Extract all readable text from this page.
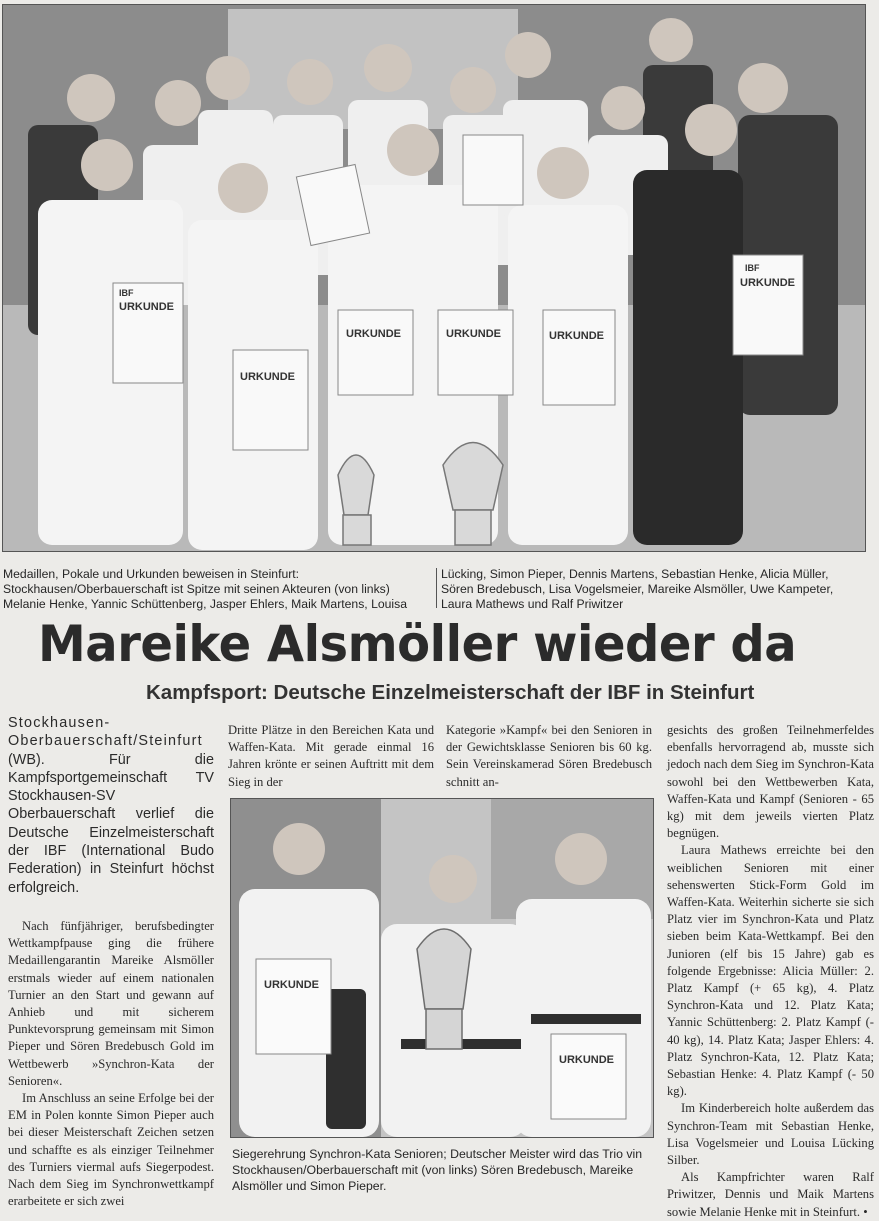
URKUNDE
URKUNDE
URKUNDE	URKUNDE	URKUNDE
URKUNDE
IBF
IBF

Medaillen, Pokale und Urkunden beweisen in Steinfurt: Stockhausen/Oberbauerschaft ist Spitze mit seinen Akteuren (von links) Melanie Henke, Yannic Schüttenberg, Jasper Ehlers, Maik Martens, Louisa

Lücking, Simon Pieper, Dennis Martens, Sebastian Henke, Alicia Müller, Sören Bredebusch, Lisa Vogelsmeier, Mareike Alsmöller, Uwe Kampeter, Laura Mathews und Ralf Priwitzer

Mareike Alsmöller wieder da
Kampfsport: Deutsche Einzelmeisterschaft der IBF in Steinfurt
Stockhausen-Oberbauerschaft/Steinfurt (WB). Für die Kampfsportgemeinschaft TV Stockhausen-SV Oberbauerschaft verlief die Deutsche Einzelmeisterschaft der IBF (International Budo Federation) in Steinfurt höchst erfolgreich.

Nach fünfjähriger, berufsbedingter Wettkampfpause ging die frühere Medaillengarantin Mareike Alsmöller erstmals wieder auf einem nationalen Turnier an den Start und gewann auf Anhieb und mit sicherem Punktevorsprung gemeinsam mit Simon Pieper und Sören Bredebusch Gold im Wettbewerb »Synchron-Kata der Senioren«.

Im Anschluss an seine Erfolge bei der EM in Polen konnte Simon Pieper auch bei dieser Meisterschaft Zeichen setzen und schaffte es als einziger Teilnehmer des Turniers viermal aufs Siegerpodest. Nach dem Sieg im Synchronwettkampf erarbeitete er sich zwei

Dritte Plätze in den Bereichen Kata und Waffen-Kata. Mit gerade einmal 16 Jahren krönte er seinen Auftritt mit dem Sieg in der

Kategorie »Kampf« bei den Senioren in der Gewichtsklasse Senioren bis 60 kg. Sein Vereinskamerad Sören Bredebusch schnitt an-

URKUNDE
URKUNDE

Siegerehrung Synchron-Kata Senioren; Deutscher Meister wird das Trio vin Stockhausen/Oberbauerschaft mit (von links) Sören Bredebusch, Mareike Alsmöller und Simon Pieper.

gesichts des großen Teilnehmerfeldes ebenfalls hervorragend ab, musste sich jedoch nach dem Sieg im Synchron-Kata sowohl bei den Wettbewerben Kata, Waffen-Kata und Kampf (Senioren - 65 kg) mit dem jeweils vierten Platz begnügen.

Laura Mathews erreichte bei den weiblichen Senioren mit einer sehenswerten Stick-Form Gold im Waffen-Kata. Weiterhin sicherte sie sich Platz vier im Synchron-Kata und Platz sieben beim Kata-Wettkampf. Bei den Junioren (elf bis 15 Jahre) gab es folgende Ergebnisse: Alicia Müller: 2. Platz Kampf (+ 65 kg), 4. Platz Synchron-Kata und 12. Platz Kata; Yannic Schüttenberg: 2. Platz Kampf (- 40 kg), 14. Platz Kata; Jasper Ehlers: 4. Platz Synchron-Kata, 12. Platz Kata; Sebastian Henke: 4. Platz Kampf (- 50 kg).

Im Kinderbereich holte außerdem das Synchron-Team mit Sebastian Henke, Lisa Vogelsmeier und Louisa Lücking Silber.

Als Kampfrichter waren Ralf Priwitzer, Dennis und Maik Martens sowie Melanie Henke mit in Steinfurt. •
